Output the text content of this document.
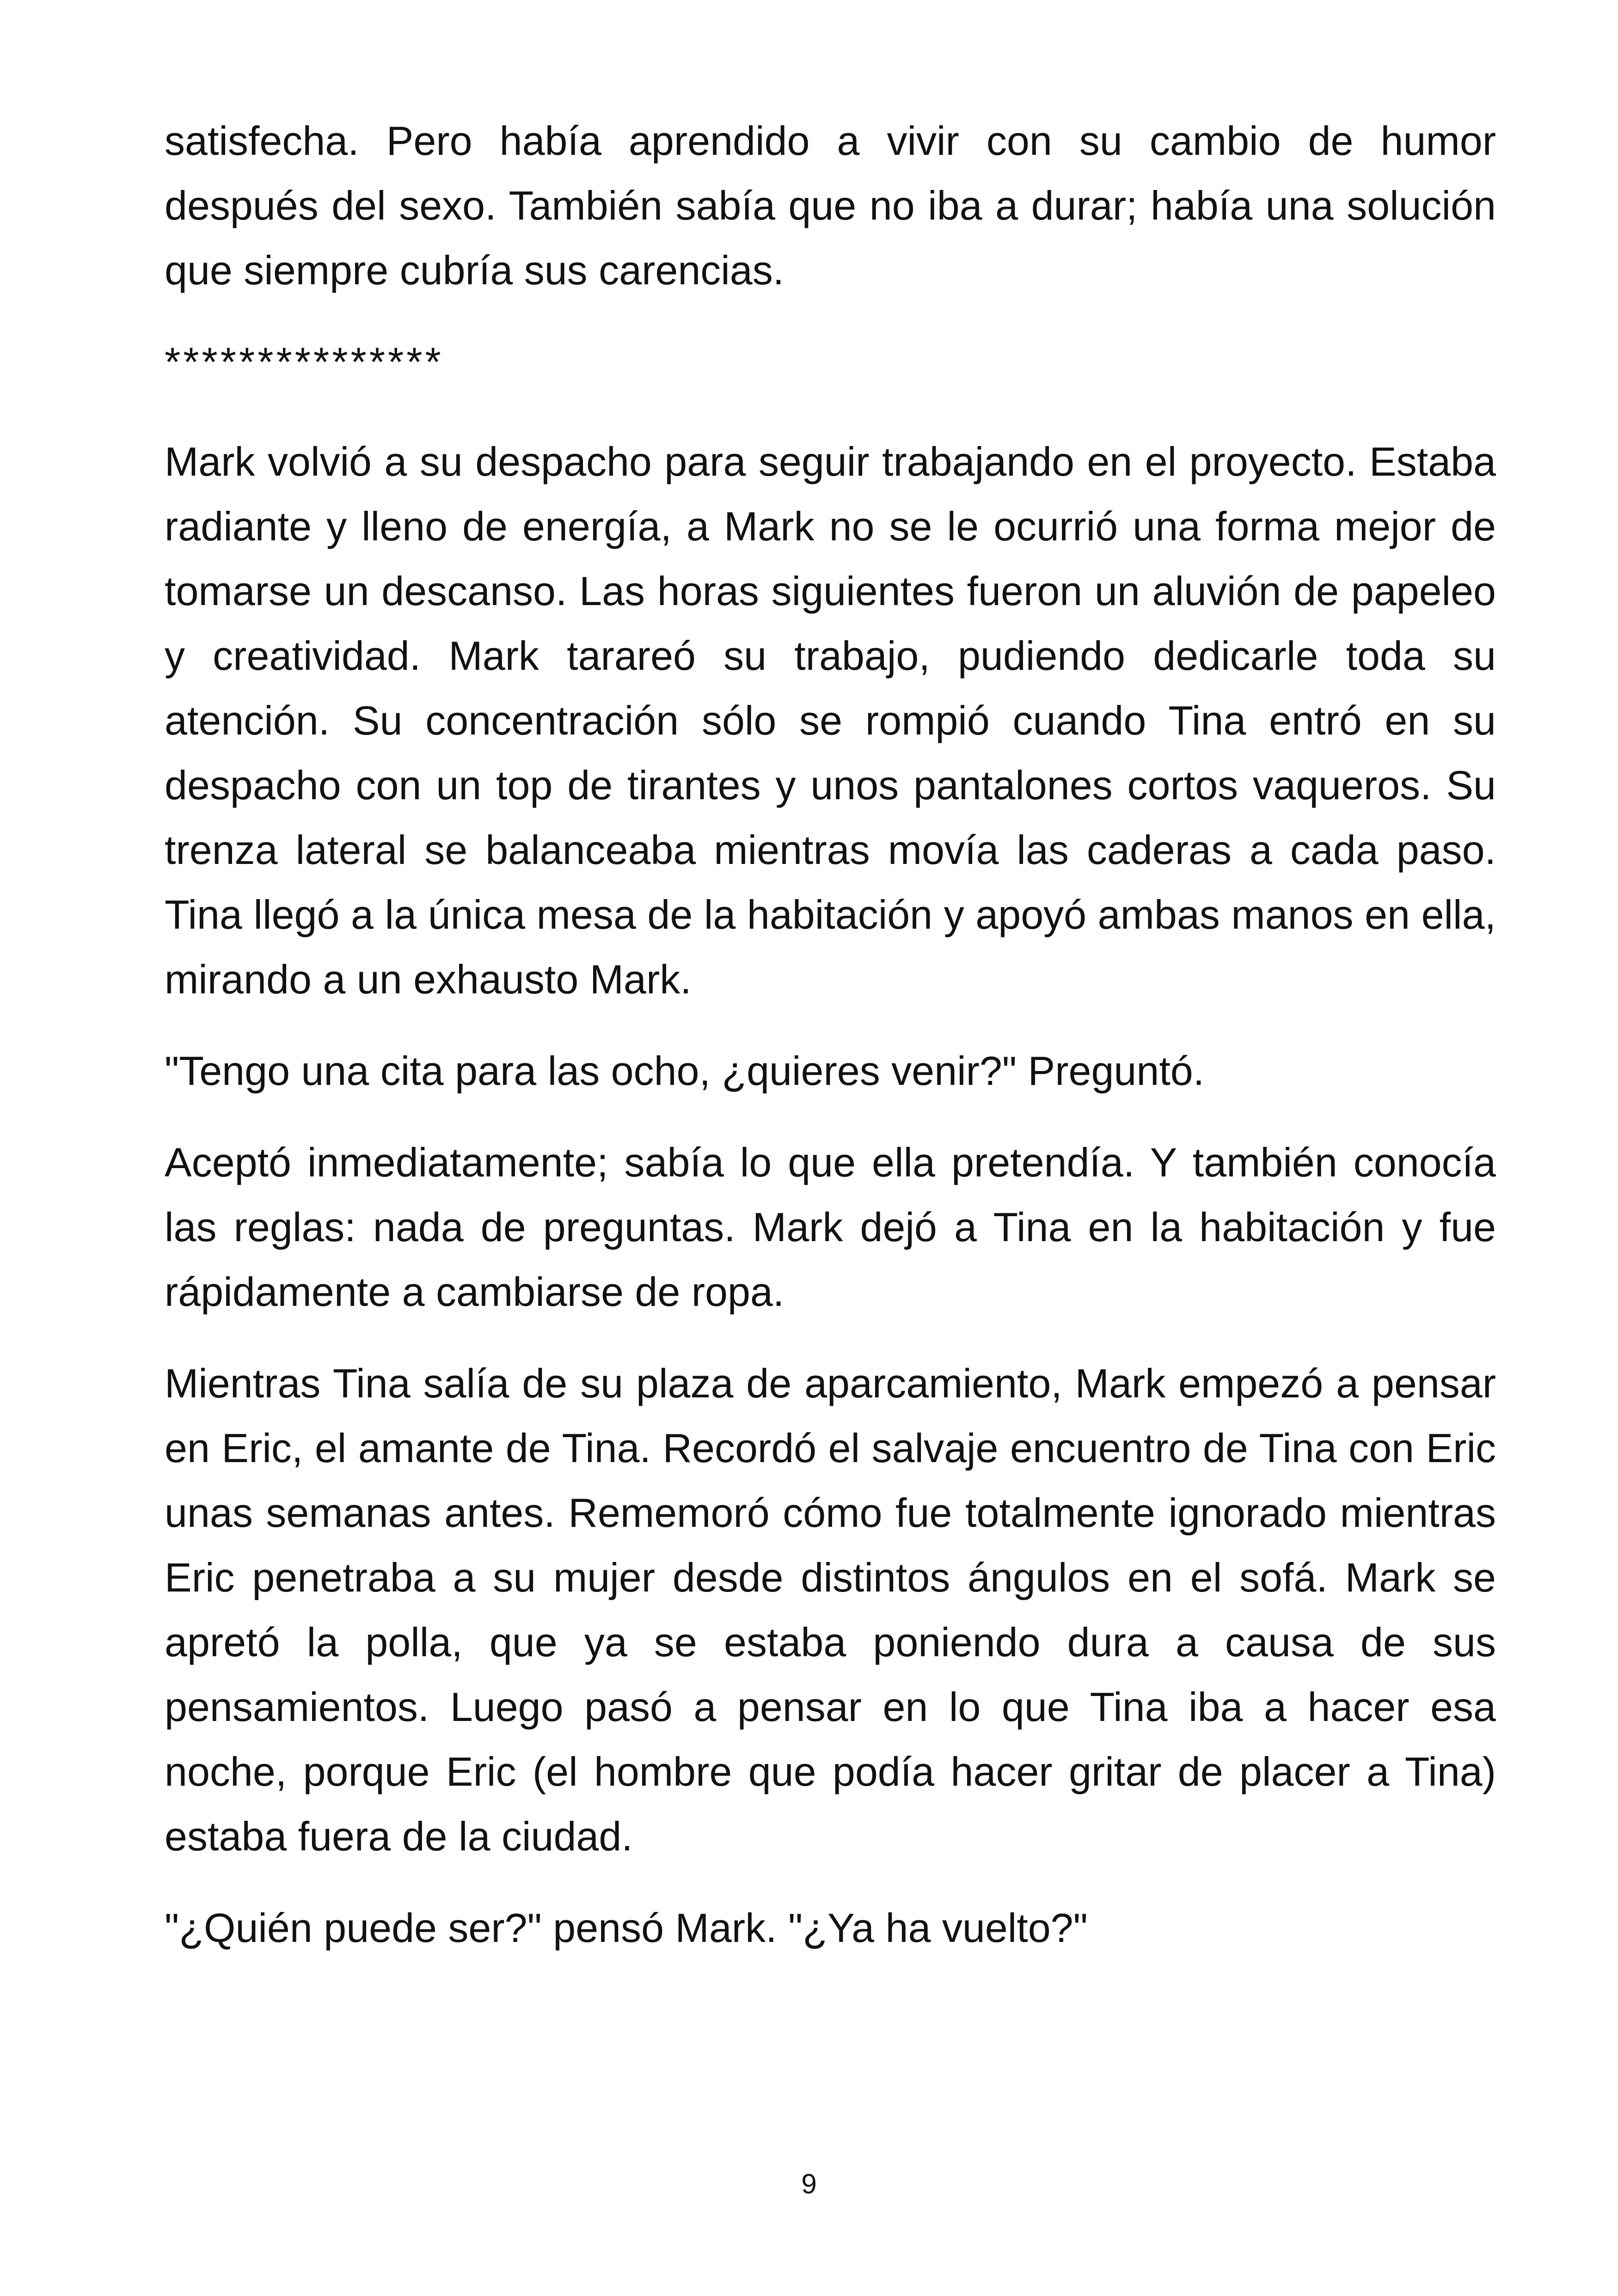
satisfecha. Pero había aprendido a vivir con su cambio de humor después del sexo. También sabía que no iba a durar; había una solución que siempre cubría sus carencias.

***************

Mark volvió a su despacho para seguir trabajando en el proyecto. Estaba radiante y lleno de energía, a Mark no se le ocurrió una forma mejor de tomarse un descanso. Las horas siguientes fueron un aluvión de papeleo y creatividad. Mark tarareó su trabajo, pudiendo dedicarle toda su atención. Su concentración sólo se rompió cuando Tina entró en su despacho con un top de tirantes y unos pantalones cortos vaqueros. Su trenza lateral se balanceaba mientras movía las caderas a cada paso. Tina llegó a la única mesa de la habitación y apoyó ambas manos en ella, mirando a un exhausto Mark.

"Tengo una cita para las ocho, ¿quieres venir?" Preguntó.

Aceptó inmediatamente; sabía lo que ella pretendía. Y también conocía las reglas: nada de preguntas. Mark dejó a Tina en la habitación y fue rápidamente a cambiarse de ropa.

Mientras Tina salía de su plaza de aparcamiento, Mark empezó a pensar en Eric, el amante de Tina. Recordó el salvaje encuentro de Tina con Eric unas semanas antes. Rememoró cómo fue totalmente ignorado mientras Eric penetraba a su mujer desde distintos ángulos en el sofá. Mark se apretó la polla, que ya se estaba poniendo dura a causa de sus pensamientos. Luego pasó a pensar en lo que Tina iba a hacer esa noche, porque Eric (el hombre que podía hacer gritar de placer a Tina) estaba fuera de la ciudad.

"¿Quién puede ser?" pensó Mark. "¿Ya ha vuelto?"

9
